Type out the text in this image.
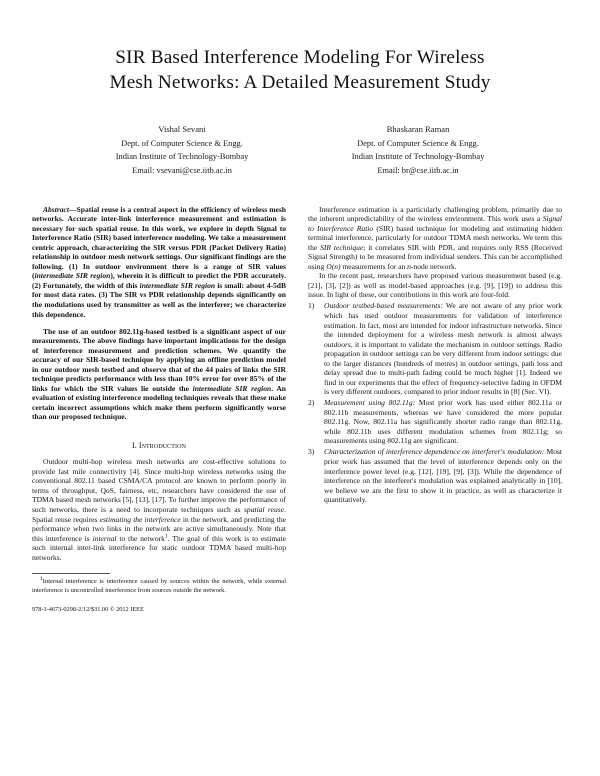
SIR Based Interference Modeling For Wireless
Mesh Networks: A Detailed Measurement Study
Vishal Sevani
Dept. of Computer Science & Engg.
Indian Institute of Technology-Bombay
Email: vsevani@cse.iitb.ac.in
Bhaskaran Raman
Dept. of Computer Science & Engg.
Indian Institute of Technology-Bombay
Email: br@cse.iitb.ac.in

Abstract—Spatial reuse is a central aspect in the efficiency of wireless mesh networks. Accurate inter-link interference measurement and estimation is necessary for such spatial reuse. In this work, we explore in depth Signal to Interference Ratio (SIR) based interference modeling. We take a measurement centric approach, characterizing the SIR versus PDR (Packet Delivery Ratio) relationship in outdoor mesh network settings. Our significant findings are the following. (1) In outdoor environment there is a range of SIR values (intermediate SIR region), wherein it is difficult to predict the PDR accurately. (2) Fortunately, the width of this intermediate SIR region is small: about 4-5dB for most data rates. (3) The SIR vs PDR relationship depends significantly on the modulations used by transmitter as well as the interferer; we characterize this dependence.

The use of an outdoor 802.11g-based testbed is a significant aspect of our measurements. The above findings have important implications for the design of interference measurement and prediction schemes. We quantify the accuracy of our SIR-based technique by applying an offline prediction model in our outdoor mesh testbed and observe that of the 44 pairs of links the SIR technique predicts performance with less than 10% error for over 85% of the links for which the SIR values lie outside the intermediate SIR region. An evaluation of existing interference modeling techniques reveals that these make certain incorrect assumptions which make them perform significantly worse than our proposed technique.

I. Introduction

Outdoor multi-hop wireless mesh networks are cost-effective solutions to provide last mile connectivity [4]. Since multi-hop wireless networks using the conventional 802.11 based CSMA/CA protocol are known to perform poorly in terms of throughput, QoS, fairness, etc, researchers have considered the use of TDMA based mesh networks [5], [13], [17]. To further improve the performance of such networks, there is a need to incorporate techniques such as spatial reuse. Spatial reuse requires estimating the interference in the network, and predicting the performance when two links in the network are active simultaneously. Note that this interference is internal to the network$^1$. The goal of this work is to estimate such internal inter-link interference for static outdoor TDMA based multi-hop networks.

$^1$Internal interference is interference caused by sources within the network, while external interference is uncontrolled interference from sources outside the network.

978-1-4673-0298-2/12/$31.00 © 2012 IEEE

Interference estimation is a particularly challenging problem, primarily due to the inherent unpredictability of the wireless environment. This work uses a Signal to Interference Ratio (SIR) based technique for modeling and estimating hidden terminal interference, particularly for outdoor TDMA mesh networks. We term this the SIR technique; it correlates SIR with PDR, and requires only RSS (Received Signal Strength) to be measured from individual senders. This can be accomplished using O(n) measurements for an n-node network.

In the recent past, researchers have proposed various measurement based (e.g. [21], [3], [2]) as well as model-based approaches (e.g. [9], [19]) to address this issue. In light of these, our contributions in this work are four-fold.

1)	Outdoor testbed-based measurements: We are not aware of any prior work which has used outdoor measurements for validation of interference estimation. In fact, most are intended for indoor infrastructure networks. Since the intended deployment for a wireless mesh network is almost always outdoors, it is important to validate the mechanism in outdoor settings. Radio propagation in outdoor settings can be very different from indoor settings: due to the larger distances (hundreds of metres) in outdoor settings, path loss and delay spread due to multi-path fading could be much higher [1]. Indeed we find in our experiments that the effect of frequency-selective fading in OFDM is very different outdoors, compared to prior indoor results in [8] (Sec. VI).
2)	Measurement using 802.11g: Most prior work has used either 802.11a or 802.11b measurements, whereas we have considered the more popular 802.11g. Now, 802.11a has significantly shorter radio range than 802.11g, while 802.11b uses different modulation schemes from 802.11g; so measurements using 802.11g are significant.
3)	Characterization of interference dependence on interferer's modulation: Most prior work has assumed that the level of interference depends only on the interference power level (e.g. [12], [19], [9], [3]). While the dependence of interference on the interferer's modulation was explained analytically in [10], we believe we are the first to show it in practice, as well as characterize it quantitatively.
